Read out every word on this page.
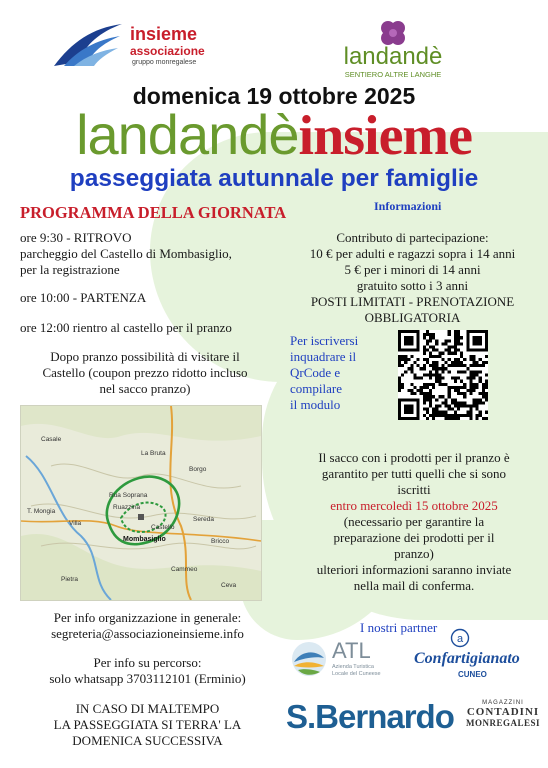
insieme
associazione
gruppo monregalese	landandè
SENTIERO ALTRE LANGHE
domenica 19 ottobre 2025
landandèinsieme
passeggiata autunnale per famiglie
PROGRAMMA DELLA GIORNATA
ore 9:30 - RITROVO
parcheggio del Castello di Mombasiglio,
per la registrazione
ore 10:00 - PARTENZA
ore 12:00 rientro al castello per il pranzo
Dopo pranzo possibilità di visitare il
Castello (coupon prezzo ridotto incluso
nel sacco pranzo)
La Bruta
Borgo
T. Mongia
Villa
Rua Soprana
Ruazzina
Mombasiglio
Sereda
Bricco
Castello
Cammeo
Pietra
Ceva
Casale
Per info organizzazione in generale:
segreteria@associazioneinsieme.info
Per info su percorso:
solo whatsapp 3703112101 (Erminio)
IN CASO DI MALTEMPO
LA PASSEGGIATA SI TERRA' LA
DOMENICA SUCCESSIVA
Informazioni
Contributo di partecipazione:
10 € per adulti e ragazzi sopra i 14 anni
5 € per i minori di 14 anni
gratuito sotto i 3 anni
POSTI LIMITATI - PRENOTAZIONE
OBBLIGATORIA
Per iscriversi
inquadrare il
QrCode e
compilare
il modulo
Il sacco con i prodotti per il pranzo è
garantito per tutti quelli che si sono
iscritti
entro mercoledì 15 ottobre 2025
(necessario per garantire la
preparazione dei prodotti per il
pranzo)
ulteriori informazioni saranno inviate
nella mail di conferma.
I nostri partner
ATL
Azienda Turistica
Locale del Cuneese
a
Confartigianato
CUNEO
S.Bernardo	MAGAZZINI
CONTADINI
MONREGALESI
